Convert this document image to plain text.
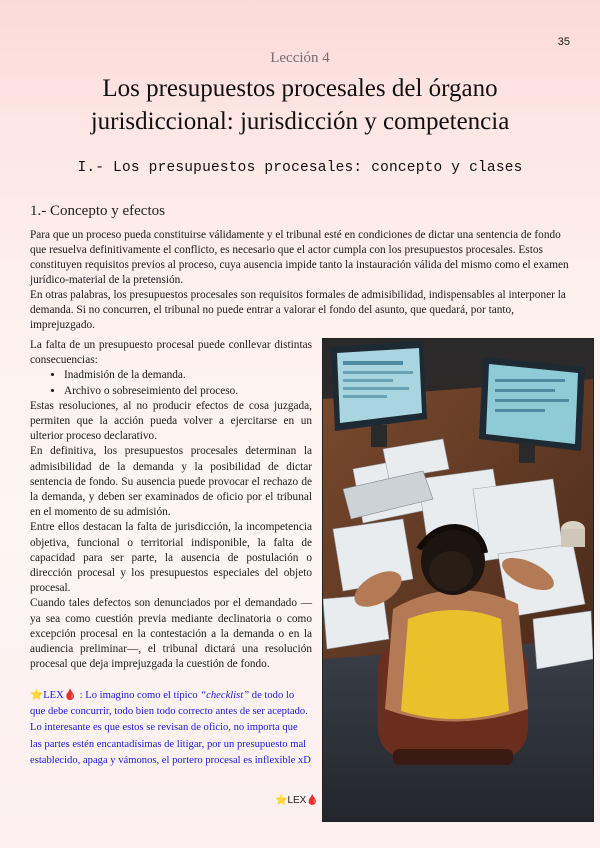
35
Lección 4
Los presupuestos procesales del órgano
jurisdiccional: jurisdicción y competencia
I.- Los presupuestos procesales: concepto y clases
1.- Concepto y efectos

Para que un proceso pueda constituirse válidamente y el tribunal esté en condiciones de dictar una sentencia de fondo que resuelva definitivamente el conflicto, es necesario que el actor cumpla con los presupuestos procesales. Estos constituyen requisitos previos al proceso, cuya ausencia impide tanto la instauración válida del mismo como el examen jurídico-material de la pretensión.

En otras palabras, los presupuestos procesales son requisitos formales de admisibilidad, indispensables al interponer la demanda. Si no concurren, el tribunal no puede entrar a valorar el fondo del asunto, que quedará, por tanto, imprejuzgado.

La falta de un presupuesto procesal puede conllevar distintas consecuencias:

• Inadmisión de la demanda.
• Archivo o sobreseimiento del proceso.

Estas resoluciones, al no producir efectos de cosa juzgada, permiten que la acción pueda volver a ejercitarse en un ulterior proceso declarativo.

En definitiva, los presupuestos procesales determinan la admisibilidad de la demanda y la posibilidad de dictar sentencia de fondo. Su ausencia puede provocar el rechazo de la demanda, y deben ser examinados de oficio por el tribunal en el momento de su admisión.

Entre ellos destacan la falta de jurisdicción, la incompetencia objetiva, funcional o territorial indisponible, la falta de capacidad para ser parte, la ausencia de postulación o dirección procesal y los presupuestos especiales del objeto procesal.

Cuando tales defectos son denunciados por el demandado —ya sea como cuestión previa mediante declinatoria o como excepción procesal en la contestación a la demanda o en la audiencia preliminar—, el tribunal dictará una resolución procesal que deja imprejuzgada la cuestión de fondo.

⭐LEX🩸 : Lo imagino como el típico “checklist” de todo lo que debe concurrir, todo bien todo correcto antes de ser aceptado. Lo interesante es que estos se revisan de oficio, no importa que las partes estén encantadísimas de litigar, por un presupuesto mal establecido, apaga y vámonos, el portero procesal es inflexible xD
⭐LEX🩸
